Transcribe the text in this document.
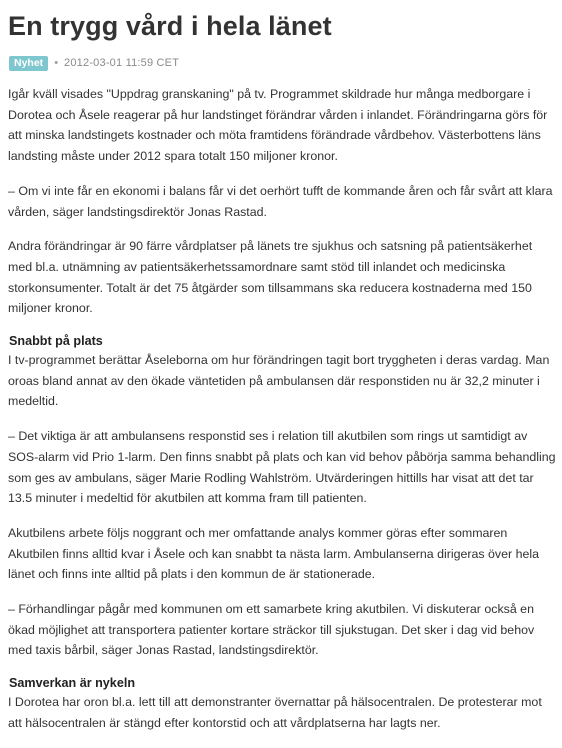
En trygg vård i hela länet
Nyhet	• 2012-03-01 11:59 CET

Igår kväll visades "Uppdrag granskaning" på tv. Programmet skildrade hur många medborgare i Dorotea och Åsele reagerar på hur landstinget förändrar vården i inlandet. Förändringarna görs för att minska landstingets kostnader och möta framtidens förändrade vårdbehov. Västerbottens läns landsting måste under 2012 spara totalt 150 miljoner kronor.

– Om vi inte får en ekonomi i balans får vi det oerhört tufft de kommande åren och får svårt att klara vården, säger landstingsdirektör Jonas Rastad.

Andra förändringar är 90 färre vårdplatser på länets tre sjukhus och satsning på patientsäkerhet med bl.a. utnämning av patientsäkerhetssamordnare samt stöd till inlandet och medicinska storkonsumenter. Totalt är det 75 åtgärder som tillsammans ska reducera kostnaderna med 150 miljoner kronor.

Snabbt på plats

I tv-programmet berättar Åseleborna om hur förändringen tagit bort tryggheten i deras vardag. Man oroas bland annat av den ökade väntetiden på ambulansen där responstiden nu är 32,2 minuter i medeltid.

– Det viktiga är att ambulansens responstid ses i relation till akutbilen som rings ut samtidigt av SOS-alarm vid Prio 1-larm. Den finns snabbt på plats och kan vid behov påbörja samma behandling som ges av ambulans, säger Marie Rodling Wahlström. Utvärderingen hittills har visat att det tar 13.5 minuter i medeltid för akutbilen att komma fram till patienten.

Akutbilens arbete följs noggrant och mer omfattande analys kommer göras efter sommaren Akutbilen finns alltid kvar i Åsele och kan snabbt ta nästa larm. Ambulanserna dirigeras över hela länet och finns inte alltid på plats i den kommun de är stationerade.

– Förhandlingar pågår med kommunen om ett samarbete kring akutbilen. Vi diskuterar också en ökad möjlighet att transportera patienter kortare sträckor till sjukstugan. Det sker i dag vid behov med taxis bårbil, säger Jonas Rastad, landstingsdirektör.

Samverkan är nykeln

I Dorotea har oron bl.a. lett till att demonstranter övernattar på hälsocentralen. De protesterar mot att hälsocentralen är stängd efter kontorstid och att vårdplatserna har lagts ner.
